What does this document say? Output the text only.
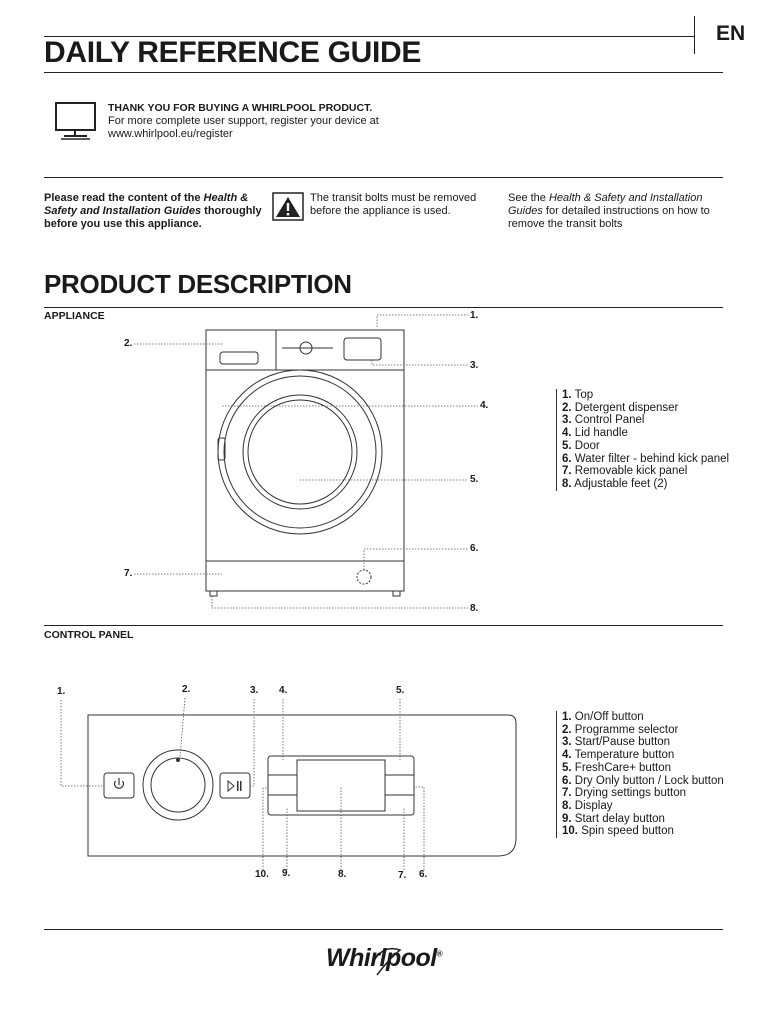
EN
DAILY REFERENCE GUIDE
THANK YOU FOR BUYING A WHIRLPOOL PRODUCT.
For more complete user support, register your device at
www.whirlpool.eu/register
Please read the content of the Health &
Safety and Installation Guides thoroughly
before you use this appliance.
The transit bolts must be removed
before the appliance is used.
See the Health & Safety and Installation
Guides for detailed instructions on how to
remove the transit bolts
PRODUCT DESCRIPTION
APPLIANCE	1.
2.
3.
4.
5.
6.
7.
8.
1. Top
2. Detergent dispenser
3. Control Panel
4. Lid handle
5. Door
6. Water filter - behind kick panel
7. Removable kick panel
8. Adjustable feet (2)
CONTROL PANEL
1.	2.	3. 4.	5.
6.
7.
8.
9.
10.
1. On/Off button
2. Programme selector
3. Start/Pause button
4. Temperature button
5. FreshCare+ button
6. Dry Only button / Lock button
7. Drying settings button
8. Display
9. Start delay button
10. Spin speed button
Whirlpool®
